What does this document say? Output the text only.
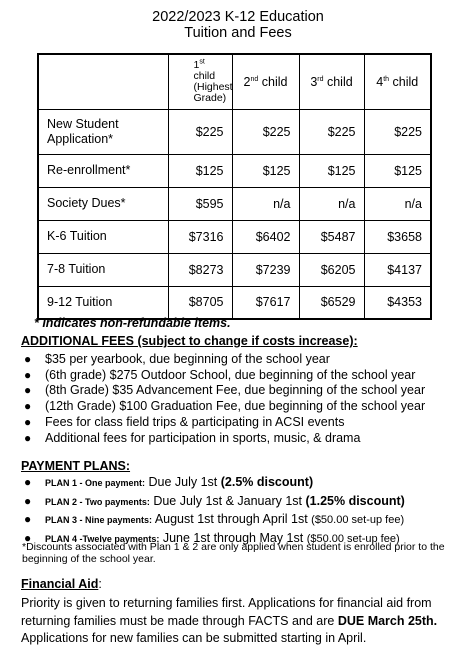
2022/2023 K-12 Education
Tuition and Fees
	1st child
(Highest
Grade)	2nd child	3rd child	4th child
New Student
Application*	$225	$225	$225	$225
Re-enrollment*	$125	$125	$125	$125
Society Dues*	$595	n/a	n/a	n/a
K-6 Tuition	$7316	$6402	$5487	$3658
7-8 Tuition	$8273	$7239	$6205	$4137
9-12 Tuition	$8705	$7617	$6529	$4353
* Indicates non-refundable items.
ADDITIONAL FEES (subject to change if costs increase):
● $35 per yearbook, due beginning of the school year
● (6th grade) $275 Outdoor School, due beginning of the school year
● (8th Grade) $35 Advancement Fee, due beginning of the school year
● (12th Grade) $100 Graduation Fee, due beginning of the school year
● Fees for class field trips & participating in ACSI events
● Additional fees for participation in sports, music, & drama
PAYMENT PLANS:
● PLAN 1 - One payment: Due July 1st (2.5% discount)
● PLAN 2 - Two payments: Due July 1st & January 1st (1.25% discount)
● PLAN 3 - Nine payments: August 1st through April 1st ($50.00 set-up fee)
● PLAN 4 -Twelve payments: June 1st through May 1st ($50.00 set-up fee)
*Discounts associated with Plan 1 & 2 are only applied when student is enrolled prior to the beginning of the school year.
Financial Aid:
Priority is given to returning families first. Applications for financial aid from returning families must be made through FACTS and are DUE March 25th. Applications for new families can be submitted starting in April.
